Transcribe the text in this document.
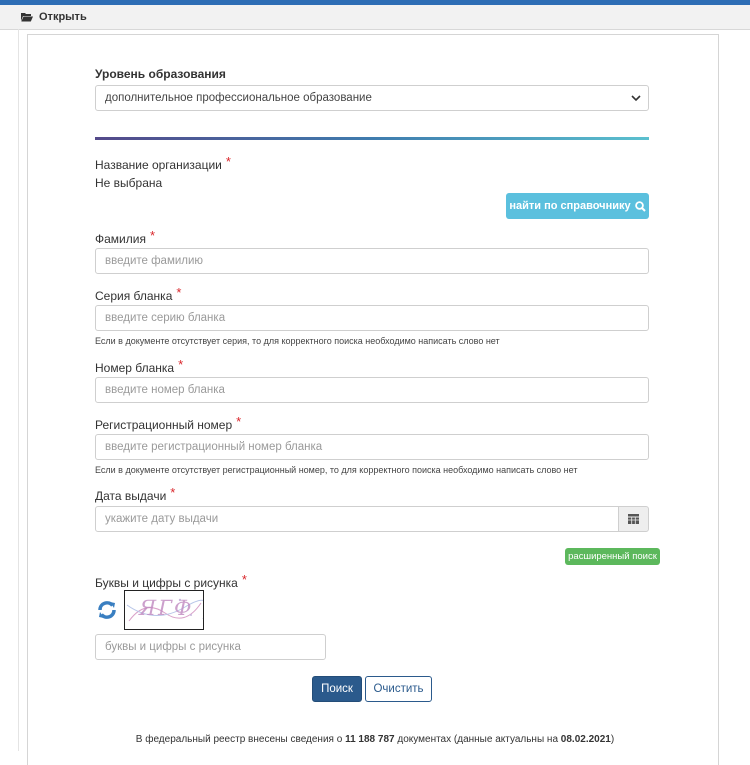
Открыть
Уровень образования
дополнительное профессиональное образование
Название организации *
Не выбрана
найти по справочнику
Фамилия *
введите фамилию
Серия бланка *
введите серию бланка
Если в документе отсутствует серия, то для корректного поиска необходимо написать слово нет
Номер бланка *
введите номер бланка
Регистрационный номер *
введите регистрационный номер бланка
Если в документе отсутствует регистрационный номер, то для корректного поиска необходимо написать слово нет
Дата выдачи *
укажите дату выдачи
расширенный поиск
Буквы и цифры с рисунка *
ЯГФ
буквы и цифры с рисунка
Поиск	Очистить
В федеральный реестр внесены сведения о 11 188 787 документах (данные актуальны на 08.02.2021)
